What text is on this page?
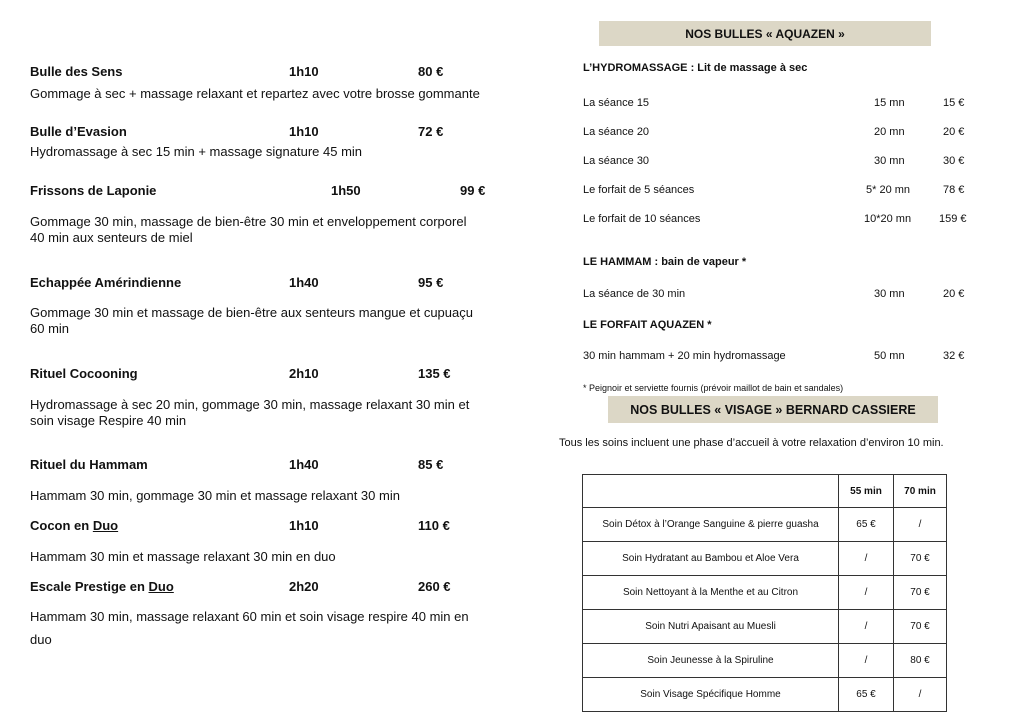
Bulle des Sens	1h10	80 €
Gommage à sec + massage relaxant et repartez avec votre brosse gommante
Bulle d’Evasion	1h10	72 €
Hydromassage à sec 15 min + massage signature 45 min
Frissons de Laponie	1h50	99 €
Gommage 30 min, massage de bien-être 30 min et enveloppement corporel
40 min aux senteurs de miel
Echappée Amérindienne	1h40	95 €
Gommage 30 min et massage de bien-être aux senteurs mangue et cupuaçu
60 min
Rituel Cocooning	2h10	135 €
Hydromassage à sec 20 min, gommage 30 min, massage relaxant 30 min et
soin visage Respire 40 min
Rituel du Hammam	1h40	85 €
Hammam 30 min, gommage 30 min et massage relaxant 30 min
Cocon en Duo	1h10	110 €
Hammam 30 min et massage relaxant 30 min en duo
Escale Prestige en Duo	2h20	260 €
Hammam 30 min, massage relaxant 60 min et soin visage respire 40 min en
duo
NOS BULLES « AQUAZEN »
L’HYDROMASSAGE : Lit de massage à sec
La séance 15	15 mn	15 €
La séance 20	20 mn	20 €
La séance 30	30 mn	30 €
Le forfait de 5 séances	5* 20 mn	78 €
Le forfait de 10 séances	10*20 mn	159 €
LE HAMMAM : bain de vapeur *
La séance de 30 min	30 mn	20 €
LE FORFAIT AQUAZEN *
30 min hammam + 20 min hydromassage	50 mn	32 €
* Peignoir et serviette fournis (prévoir maillot de bain et sandales)
NOS BULLES « VISAGE » BERNARD CASSIERE
Tous les soins incluent une phase d’accueil à votre relaxation d’environ 10 min.
	55 min	70 min
Soin Détox à l’Orange Sanguine & pierre guasha	65 €	/
Soin Hydratant au Bambou et Aloe Vera	/	70 €
Soin Nettoyant à la Menthe et au Citron	/	70 €
Soin Nutri Apaisant au Muesli	/	70 €
Soin Jeunesse à la Spiruline	/	80 €
Soin Visage Spécifique Homme	65 €	/
